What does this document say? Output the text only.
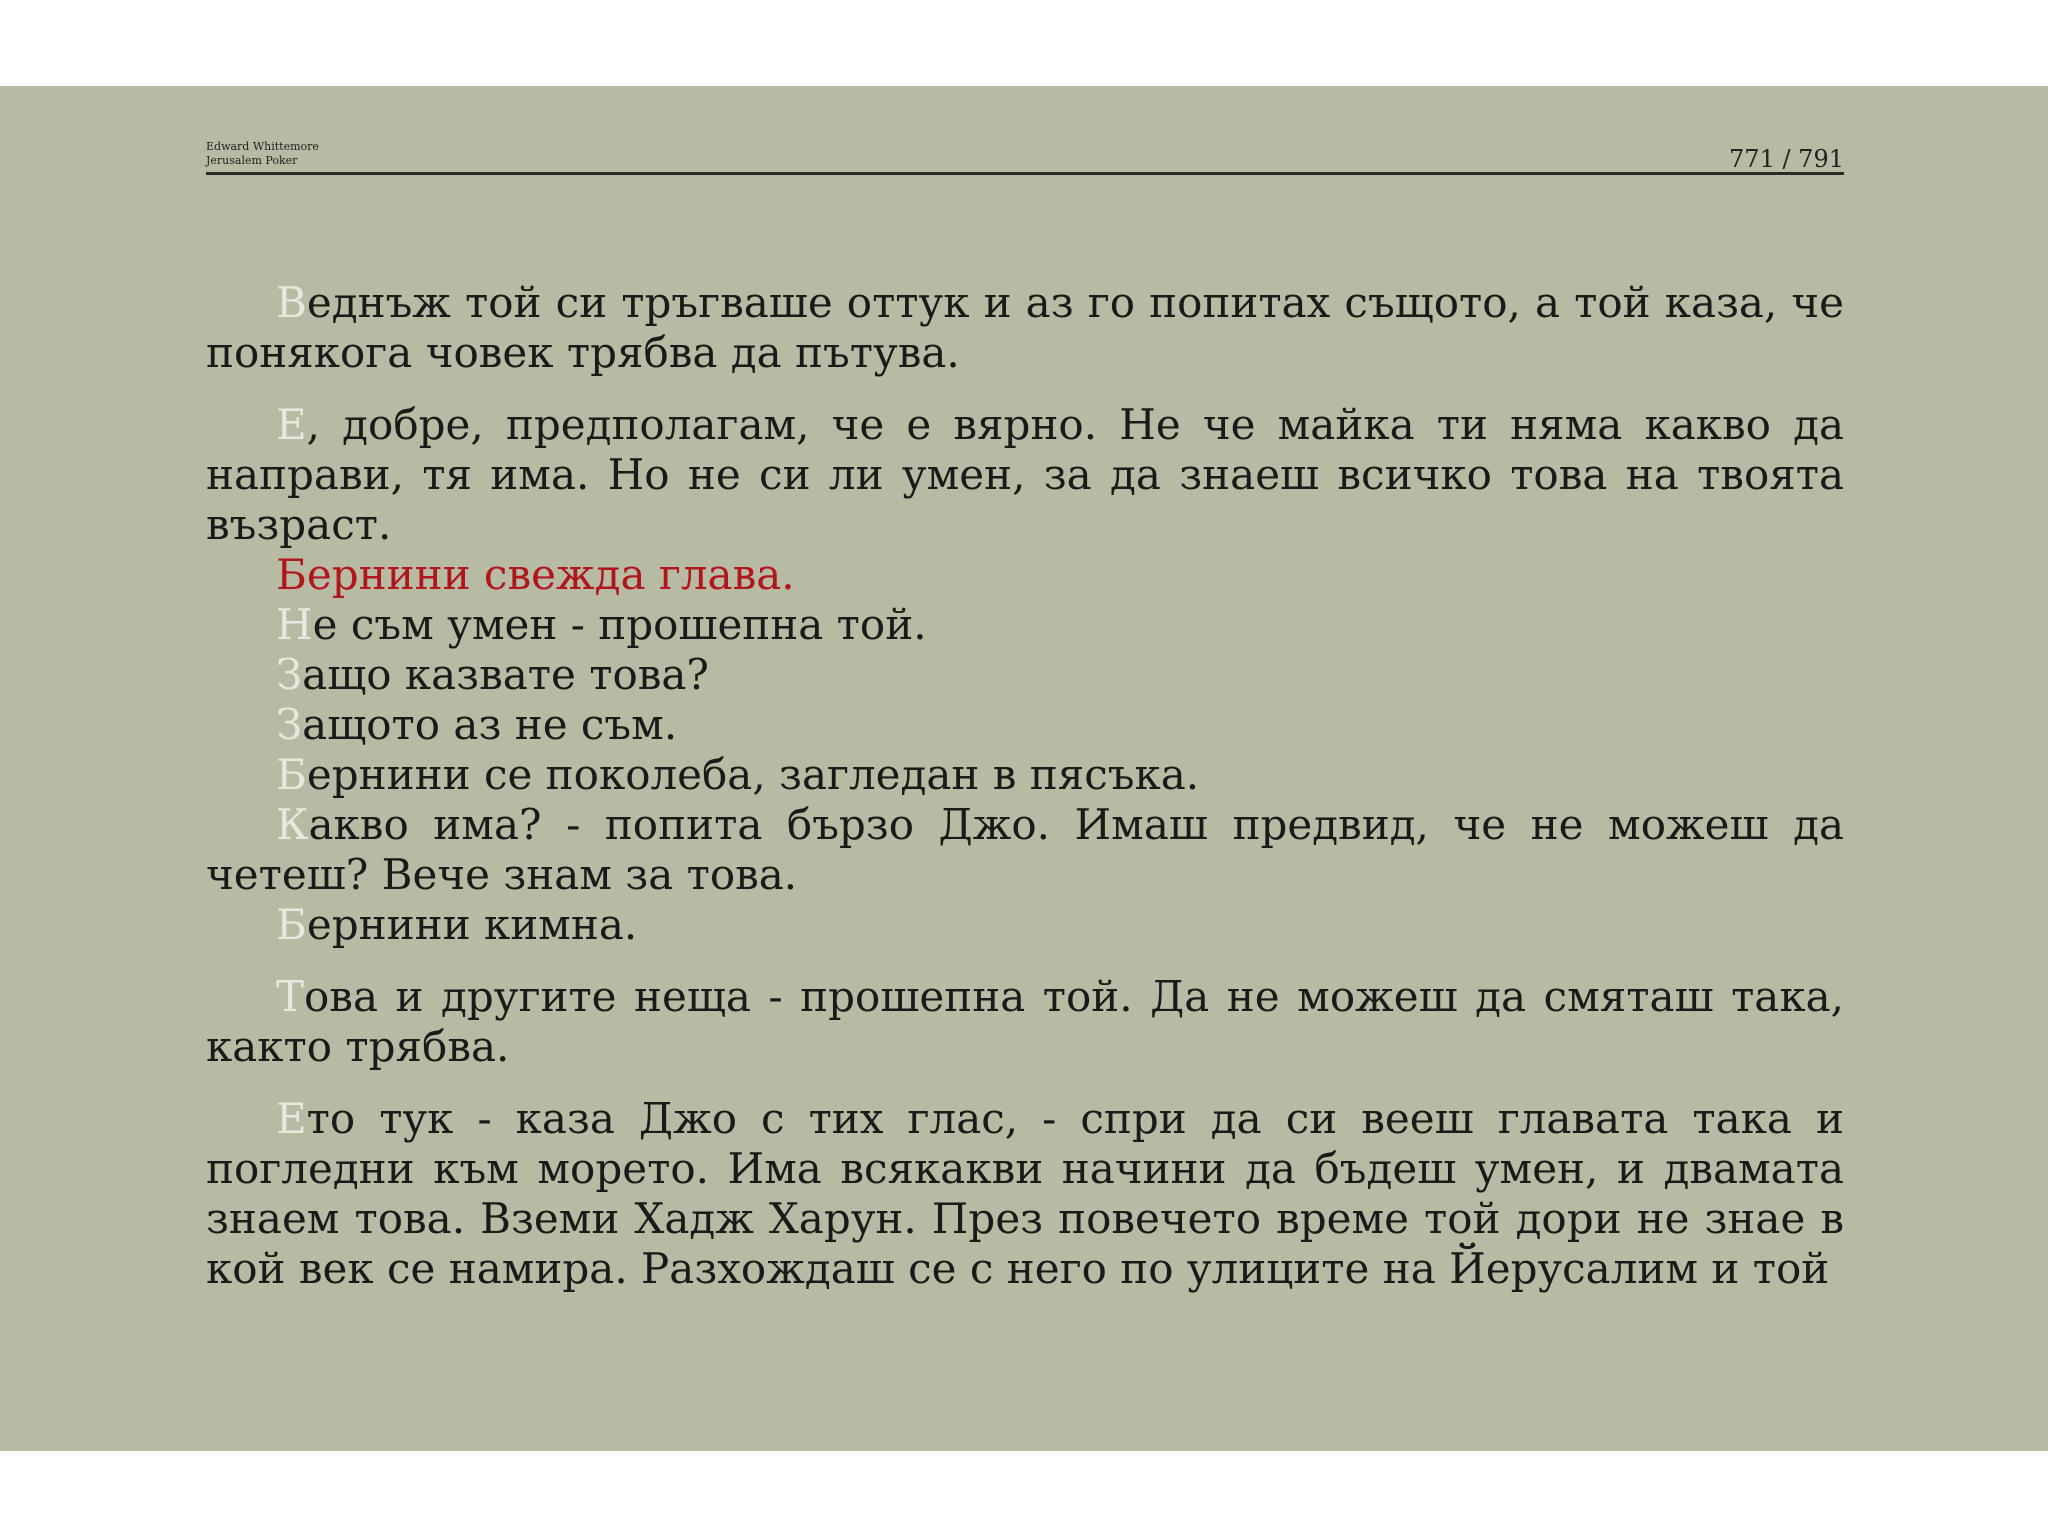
Edward Whittemore
Jerusalem Poker	771 / 791

Веднъж той си тръгваше оттук и аз го попитах същото, а той каза, че понякога човек трябва да пътува.

Е, добре, предполагам, че е вярно. Не че майка ти няма какво да направи, тя има. Но не си ли умен, за да знаеш всичко това на твоята възраст.

Бернини свежда глава.

Не съм умен - прошепна той.

Защо казвате това?

Защото аз не съм.

Бернини се поколеба, загледан в пясъка.

Какво има? - попита бързо Джо. Имаш предвид, че не можеш да четеш? Вече знам за това.

Бернини кимна.

Това и другите неща - прошепна той. Да не можеш да смяташ така, както трябва.

Ето тук - каза Джо с тих глас, - спри да си вееш главата така и погледни към морето. Има всякакви начини да бъдеш умен, и двамата знаем това. Вземи Хадж Харун. През повечето време той дори не знае в кой век се намира. Разхождаш се с него по улиците на Йерусалим и той
